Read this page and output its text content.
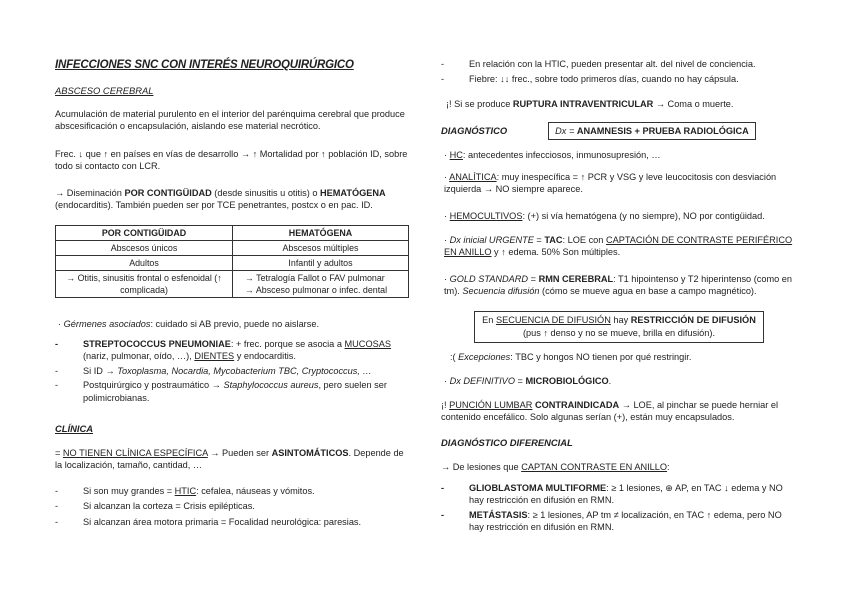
INFECCIONES SNC CON INTERÉS NEUROQUIRÚRGICO
ABSCESO CEREBRAL
Acumulación de material purulento en el interior del parénquima cerebral que produce abscesificación o encapsulación, aislando ese material necrótico.
Frec. ↓ que ↑ en países en vías de desarrollo → ↑ Mortalidad por ↑ población ID, sobre todo si contacto con LCR.
→ Diseminación POR CONTIGÜIDAD (desde sinusitis u otitis) o HEMATÓGENA (endocarditis). También pueden ser por TCE penetrantes, postcx o en pac. ID.
POR CONTIGÜIDAD	HEMATÓGENA
Abscesos únicos	Abscesos múltiples
Adultos	Infantil y adultos
→ Otitis, sinusitis frontal o esfenoidal (↑ complicada)	→ Tetralogía Fallot o FAV pulmonar
→ Absceso pulmonar o infec. dental
· Gérmenes asociados: cuidado si AB previo, puede no aislarse.
- STREPTOCOCCUS PNEUMONIAE: + frec. porque se asocia a MUCOSAS (nariz, pulmonar, oído, …), DIENTES y endocarditis.
- Si ID → Toxoplasma, Nocardia, Mycobacterium TBC, Cryptococcus, …
- Postquirúrgico y postraumático → Staphylococcus aureus, pero suelen ser polimicrobianas.
CLÍNICA
= NO TIENEN CLÍNICA ESPECÍFICA → Pueden ser ASINTOMÁTICOS. Depende de la localización, tamaño, cantidad, …
- Si son muy grandes = HTIC: cefalea, náuseas y vómitos.
- Si alcanzan la corteza = Crisis epilépticas.
- Si alcanzan área motora primaria = Focalidad neurológica: paresias.
- En relación con la HTIC, pueden presentar alt. del nivel de conciencia.
- Fiebre: ↓↓ frec., sobre todo primeros días, cuando no hay cápsula.
¡! Si se produce RUPTURA INTRAVENTRICULAR → Coma o muerte.
DIAGNÓSTICO	Dx = ANAMNESIS + PRUEBA RADIOLÓGICA
· HC: antecedentes infecciosos, inmunosupresión, …
· ANALÍTICA: muy inespecífica = ↑ PCR y VSG y leve leucocitosis con desviación izquierda → NO siempre aparece.
· HEMOCULTIVOS: (+) si vía hematógena (y no siempre), NO por contigüidad.
· Dx inicial URGENTE = TAC: LOE con CAPTACIÓN DE CONTRASTE PERIFÉRICO EN ANILLO y ↑ edema. 50% Son múltiples.
· GOLD STANDARD = RMN CEREBRAL: T1 hipointenso y T2 hiperintenso (como en tm). Secuencia difusión (cómo se mueve agua en base a campo magnético).
En SECUENCIA DE DIFUSIÓN hay RESTRICCIÓN DE DIFUSIÓN
(pus ↑ denso y no se mueve, brilla en difusión).
:( Excepciones: TBC y hongos NO tienen por qué restringir.
· Dx DEFINITIVO = MICROBIOLÓGICO.
¡! PUNCIÓN LUMBAR CONTRAINDICADA → LOE, al pinchar se puede herniar el contenido encefálico. Solo algunas serían (+), están muy encapsulados.
DIAGNÓSTICO DIFERENCIAL
→ De lesiones que CAPTAN CONTRASTE EN ANILLO:
- GLIOBLASTOMA MULTIFORME: ≥ 1 lesiones, ⊕ AP, en TAC ↓ edema y NO hay restricción en difusión en RMN.
- METÁSTASIS: ≥ 1 lesiones, AP tm ≠ localización, en TAC ↑ edema, pero NO hay restricción en difusión en RMN.
